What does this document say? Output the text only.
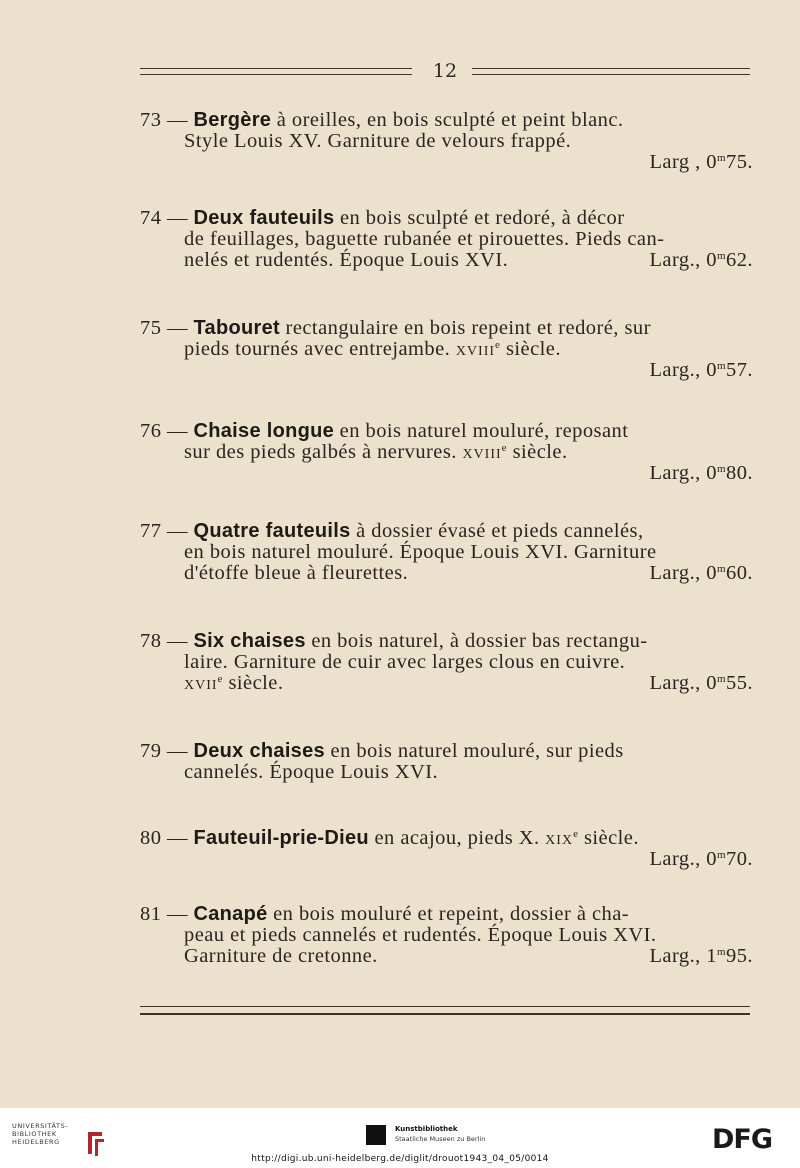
12
73 — Bergère à oreilles, en bois sculpté et peint blanc.
Style Louis XV. Garniture de velours frappé.
Larg , 0$^m$75.
74 — Deux fauteuils en bois sculpté et redoré, à décor
de feuillages, baguette rubanée et pirouettes. Pieds can-
nelés et rudentés. Époque Louis XVI.	Larg., 0$^m$62.
75 — Tabouret rectangulaire en bois repeint et redoré, sur
pieds tournés avec entrejambe. XVIIIe siècle.
Larg., 0$^m$57.
76 — Chaise longue en bois naturel mouluré, reposant
sur des pieds galbés à nervures. XVIIIe siècle.
Larg., 0$^m$80.
77 — Quatre fauteuils à dossier évasé et pieds cannelés,
en bois naturel mouluré. Époque Louis XVI. Garniture
d'étoffe bleue à fleurettes.	Larg., 0$^m$60.
78 — Six chaises en bois naturel, à dossier bas rectangu-
laire. Garniture de cuir avec larges clous en cuivre.
XVIIe siècle.	Larg., 0$^m$55.
79 — Deux chaises en bois naturel mouluré, sur pieds
cannelés. Époque Louis XVI.
80 — Fauteuil-prie-Dieu en acajou, pieds X. XIXe siècle.
Larg., 0$^m$70.
81 — Canapé en bois mouluré et repeint, dossier à cha-
peau et pieds cannelés et rudentés. Époque Louis XVI.
Garniture de cretonne.	Larg., 1$^m$95.
UNIVERSITÄTS-
BIBLIOTHEK
HEIDELBERG
Kunstbibliothek
Staatliche Museen zu Berlin	DFG
http://digi.ub.uni-heidelberg.de/diglit/drouot1943_04_05/0014
